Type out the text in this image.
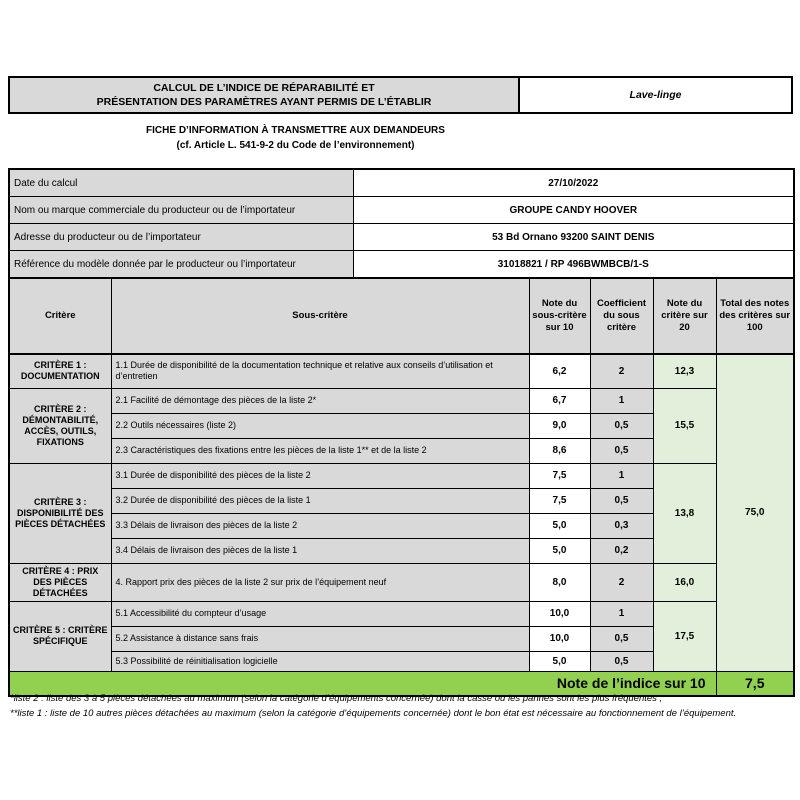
CALCUL DE L’INDICE DE RÉPARABILITÉ ET
PRÉSENTATION DES PARAMÈTRES AYANT PERMIS DE L’ÉTABLIR
Lave-linge
FICHE D’INFORMATION À TRANSMETTRE AUX DEMANDEURS
(cf. Article L. 541-9-2 du Code de l’environnement)
Date du calcul	27/10/2022
Nom ou marque commerciale du producteur ou de l’importateur	GROUPE CANDY HOOVER
Adresse du producteur ou de l’importateur	53 Bd Ornano 93200 SAINT DENIS
Référence du modèle donnée par le producteur ou l’importateur	31018821 / RP 496BWMBCB/1-S
Critère	Sous-critère	Note du sous-critère sur 10	Coefficient du sous critère	Note du critère sur 20	Total des notes des critères sur 100
CRITÈRE 1 : DOCUMENTATION	1.1 Durée de disponibilité de la documentation technique et relative aux conseils d’utilisation et d’entretien	6,2	2	12,3	75,0
CRITÈRE 2 : DÉMONTABILITÉ, ACCÈS, OUTILS, FIXATIONS	2.1 Facilité de démontage des pièces de la liste 2*	6,7	1	15,5	
	2.2 Outils nécessaires (liste 2)	9,0	0,5		
	2.3 Caractéristiques des fixations entre les pièces de la liste 1** et de la liste 2	8,6	0,5		
CRITÈRE 3 : DISPONIBILITÉ DES PIÈCES DÉTACHÉES	3.1 Durée de disponibilité des pièces de la liste 2	7,5	1	13,8	
	3.2 Durée de disponibilité des pièces de la liste 1	7,5	0,5		
	3.3 Délais de livraison des pièces de la liste 2	5,0	0,3		
	3.4 Délais de livraison des pièces de la liste 1	5,0	0,2		
CRITÈRE 4 : PRIX DES PIÈCES DÉTACHÉES	4. Rapport prix des pièces de la liste 2 sur prix de l’équipement neuf	8,0	2	16,0	
CRITÈRE 5 : CRITÈRE SPÉCIFIQUE	5.1 Accessibilité du compteur d’usage	10,0	1	17,5	
	5.2 Assistance à distance sans frais	10,0	0,5		
	5.3 Possibilité de réinitialisation logicielle	5,0	0,5		
Note de l’indice sur 10					7,5
*liste 2 : liste des 3 à 5 pièces détachées au maximum (selon la catégorie d’équipements concernée) dont la casse ou les pannes sont les plus fréquentes ;
**liste 1 : liste de 10 autres pièces détachées au maximum (selon la catégorie d’équipements concernée) dont le bon état est nécessaire au fonctionnement de l’équipement.
